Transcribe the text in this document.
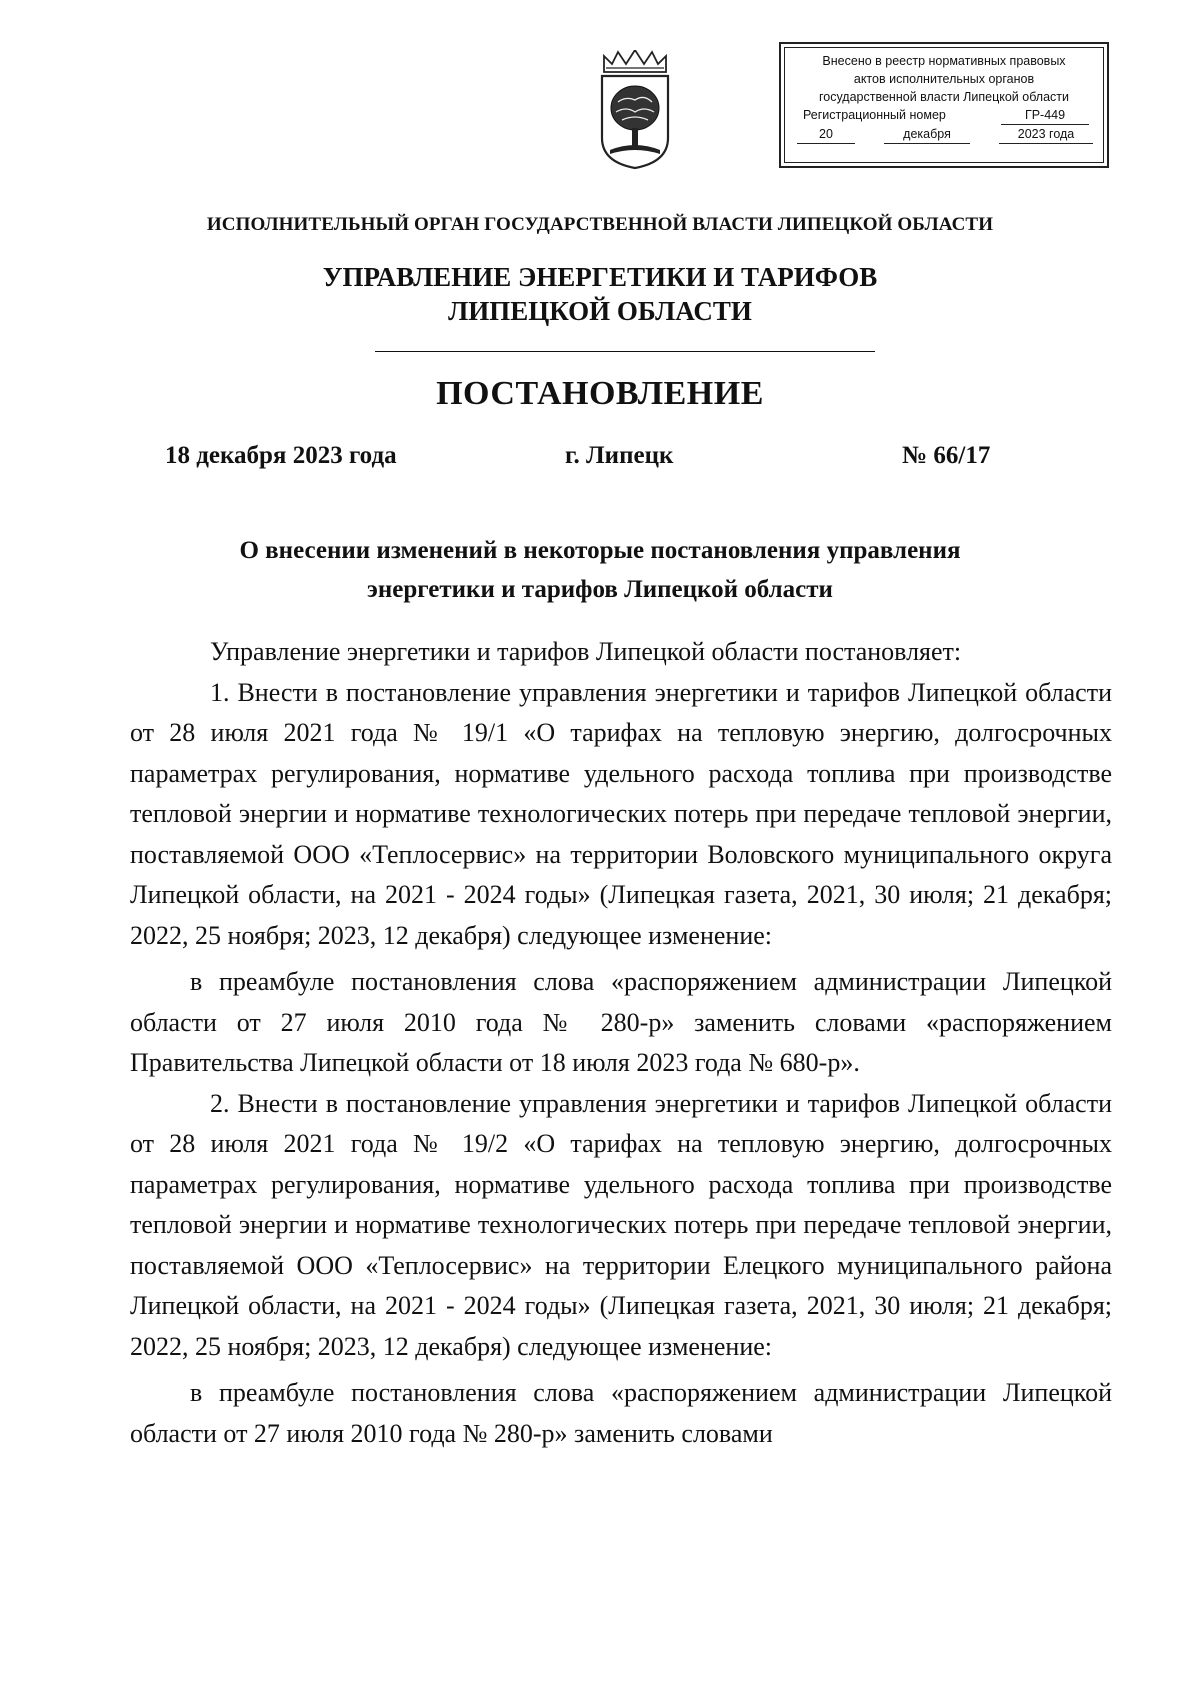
Внесено в реестр нормативных правовых
актов исполнительных органов
государственной власти Липецкой области
Регистрационный номер	ГР-449
20	декабря	2023 года
ИСПОЛНИТЕЛЬНЫЙ ОРГАН ГОСУДАРСТВЕННОЙ ВЛАСТИ ЛИПЕЦКОЙ ОБЛАСТИ
УПРАВЛЕНИЕ ЭНЕРГЕТИКИ И ТАРИФОВ
ЛИПЕЦКОЙ ОБЛАСТИ
ПОСТАНОВЛЕНИЕ
18 декабря 2023 года	г. Липецк	№ 66/17
О внесении изменений в некоторые постановления управления
энергетики и тарифов Липецкой области

Управление энергетики и тарифов Липецкой области постановляет:

1. Внести в постановление управления энергетики и тарифов Липецкой области от 28 июля 2021 года № 19/1 «О тарифах на тепловую энергию, долгосрочных параметрах регулирования, нормативе удельного расхода топлива при производстве тепловой энергии и нормативе технологических потерь при передаче тепловой энергии, поставляемой ООО «Теплосервис» на территории Воловского муниципального округа Липецкой области, на 2021 - 2024 годы» (Липецкая газета, 2021, 30 июля; 21 декабря; 2022, 25 ноября; 2023, 12 декабря) следующее изменение:

в преамбуле постановления слова «распоряжением администрации Липецкой области от 27 июля 2010 года № 280-р» заменить словами «распоряжением Правительства Липецкой области от 18 июля 2023 года № 680-р».

2. Внести в постановление управления энергетики и тарифов Липецкой области от 28 июля 2021 года № 19/2 «О тарифах на тепловую энергию, долгосрочных параметрах регулирования, нормативе удельного расхода топлива при производстве тепловой энергии и нормативе технологических потерь при передаче тепловой энергии, поставляемой ООО «Теплосервис» на территории Елецкого муниципального района Липецкой области, на 2021 - 2024 годы» (Липецкая газета, 2021, 30 июля; 21 декабря; 2022, 25 ноября; 2023, 12 декабря) следующее изменение:

в преамбуле постановления слова «распоряжением администрации Липецкой области от 27 июля 2010 года № 280-р» заменить словами
